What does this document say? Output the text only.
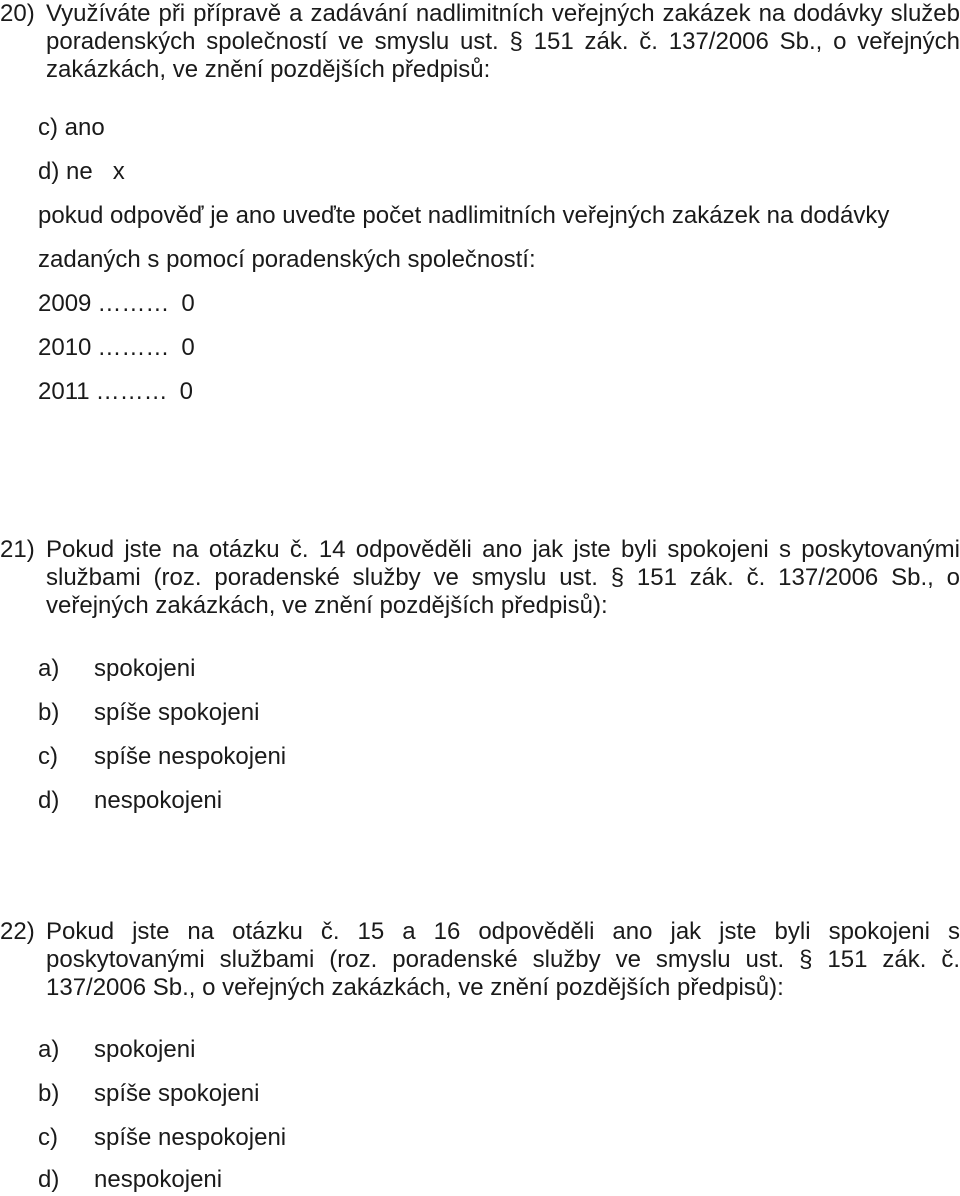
20) Využíváte při přípravě a zadávání nadlimitních veřejných zakázek na dodávky služeb poradenských společností ve smyslu ust. § 151 zák. č. 137/2006 Sb., o veřejných zakázkách, ve znění pozdějších předpisů:
c) ano
d) ne   x
pokud odpověď je ano uveďte počet nadlimitních veřejných zakázek na dodávky
zadaných s pomocí poradenských společností:
2009 ……… 0
2010 ……… 0
2011 ……… 0
21) Pokud jste na otázku č. 14 odpověděli ano jak jste byli spokojeni s poskytovanými službami (roz. poradenské služby ve smyslu ust. § 151 zák. č. 137/2006 Sb., o veřejných zakázkách, ve znění pozdějších předpisů):
a) spokojeni
b) spíše spokojeni
c) spíše nespokojeni
d) nespokojeni
22) Pokud jste na otázku č. 15 a 16 odpověděli ano jak jste byli spokojeni s poskytovanými službami (roz. poradenské služby ve smyslu ust. § 151 zák. č. 137/2006 Sb., o veřejných zakázkách, ve znění pozdějších předpisů):
a) spokojeni
b) spíše spokojeni
c) spíše nespokojeni
d) nespokojeni
